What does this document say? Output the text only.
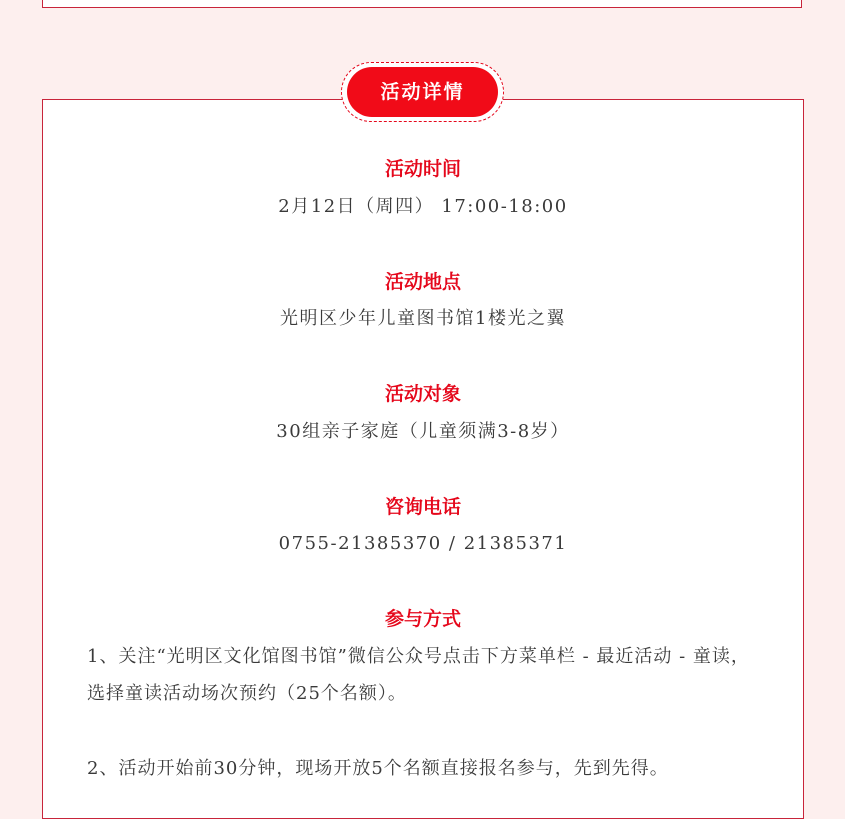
活动详情
活动时间
2月12日（周四） 17:00-18:00
活动地点
光明区少年儿童图书馆1楼光之翼
活动对象
30组亲子家庭（儿童须满3-8岁）
咨询电话
0755-21385370 / 21385371
参与方式
1、关注“光明区文化馆图书馆”微信公众号点击下方菜单栏 - 最近活动 - 童读，选择童读活动场次预约（25个名额）。
2、活动开始前30分钟，现场开放5个名额直接报名参与，先到先得。
